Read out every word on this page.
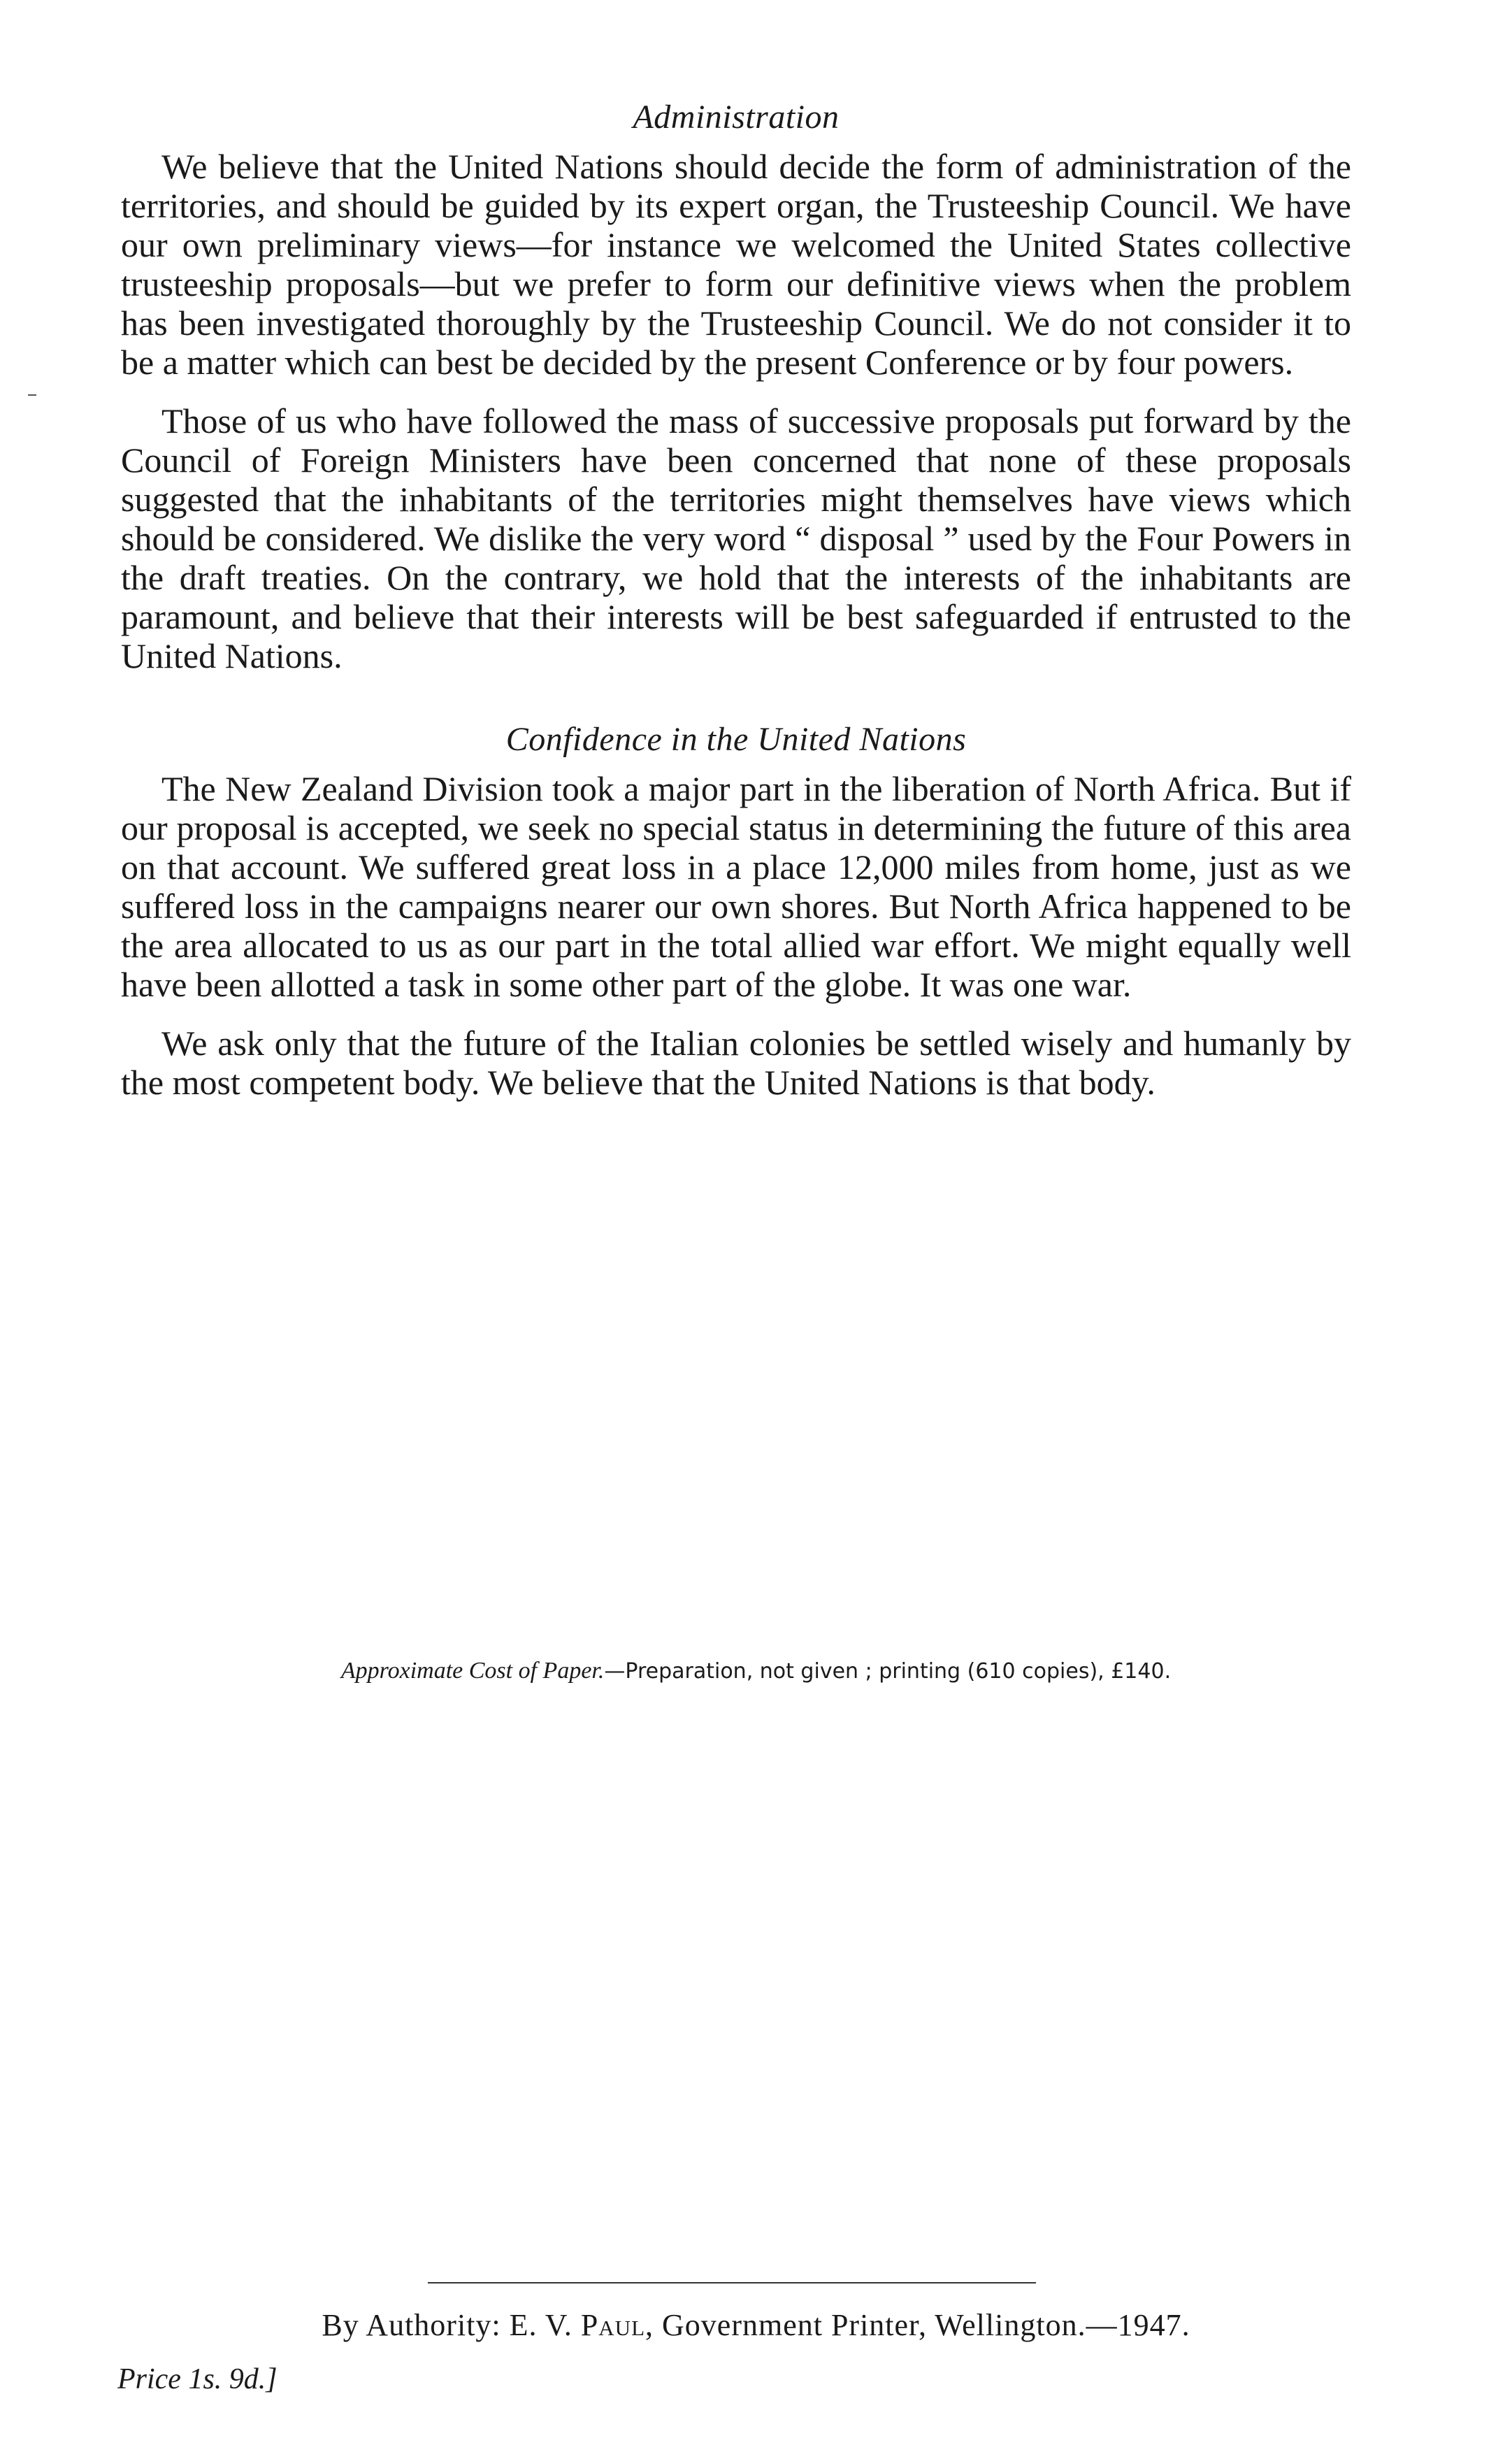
Administration

We believe that the United Nations should decide the form of administration of the territories, and should be guided by its expert organ, the Trusteeship Council. We have our own preliminary views—for instance we welcomed the United States collective trusteeship proposals—but we prefer to form our definitive views when the problem has been investigated thoroughly by the Trusteeship Council. We do not consider it to be a matter which can best be decided by the present Conference or by four powers.

Those of us who have followed the mass of successive proposals put forward by the Council of Foreign Ministers have been concerned that none of these proposals suggested that the inhabitants of the territories might themselves have views which should be considered. We dislike the very word “ disposal ” used by the Four Powers in the draft treaties. On the contrary, we hold that the interests of the inhabitants are paramount, and believe that their interests will be best safeguarded if entrusted to the United Nations.

Confidence in the United Nations

The New Zealand Division took a major part in the liberation of North Africa. But if our proposal is accepted, we seek no special status in determining the future of this area on that account. We suffered great loss in a place 12,000 miles from home, just as we suffered loss in the campaigns nearer our own shores. But North Africa happened to be the area allocated to us as our part in the total allied war effort. We might equally well have been allotted a task in some other part of the globe. It was one war.

We ask only that the future of the Italian colonies be settled wisely and humanly by the most competent body. We believe that the United Nations is that body.

Approximate Cost of Paper.—Preparation, not given ; printing (610 copies), £140.
By Authority: E. V. Paul, Government Printer, Wellington.—1947.
Price 1s. 9d.]
